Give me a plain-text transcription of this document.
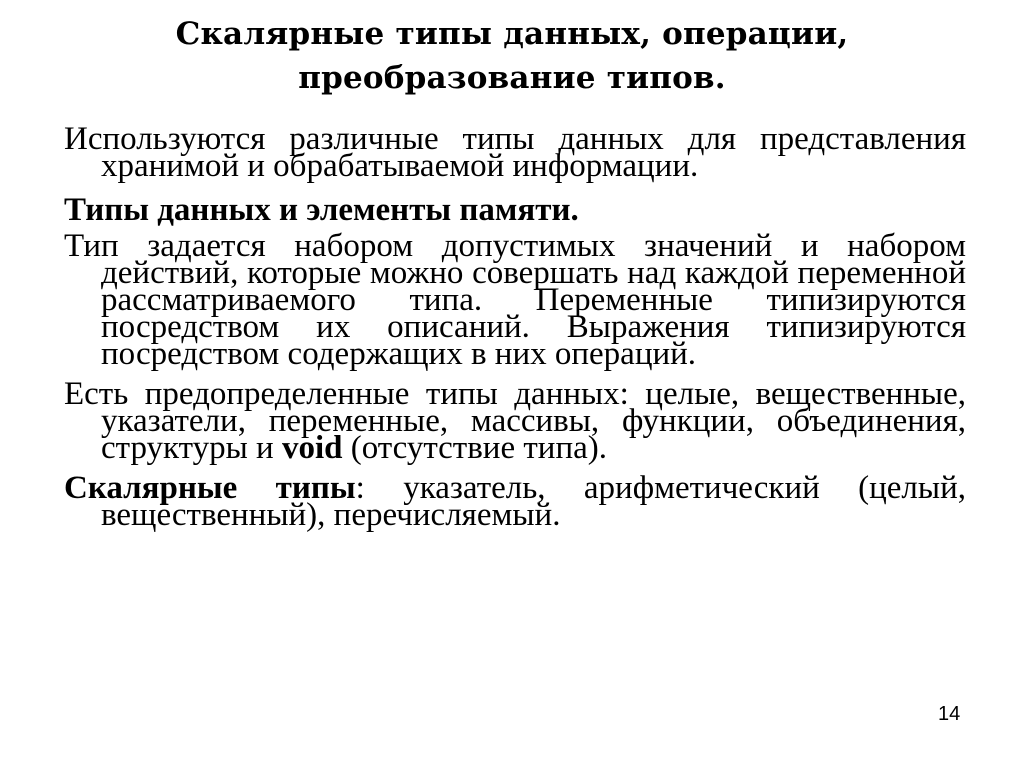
Скалярные типы данных, операции,
преобразование типов.

Используются различные типы данных для представления хранимой и обрабатываемой информации.

Типы данных и элементы памяти.

Тип задается набором допустимых значений и набором действий, которые можно совершать над каждой переменной рассматриваемого типа. Переменные типизируются посредством их описаний. Выражения типизируются посредством содержащих в них операций.

Есть предопределенные типы данных: целые, вещественные, указатели, переменные, массивы, функции, объединения, структуры и void (отсутствие типа).

Скалярные типы: указатель, арифметический (целый, вещественный), перечисляемый.

14
